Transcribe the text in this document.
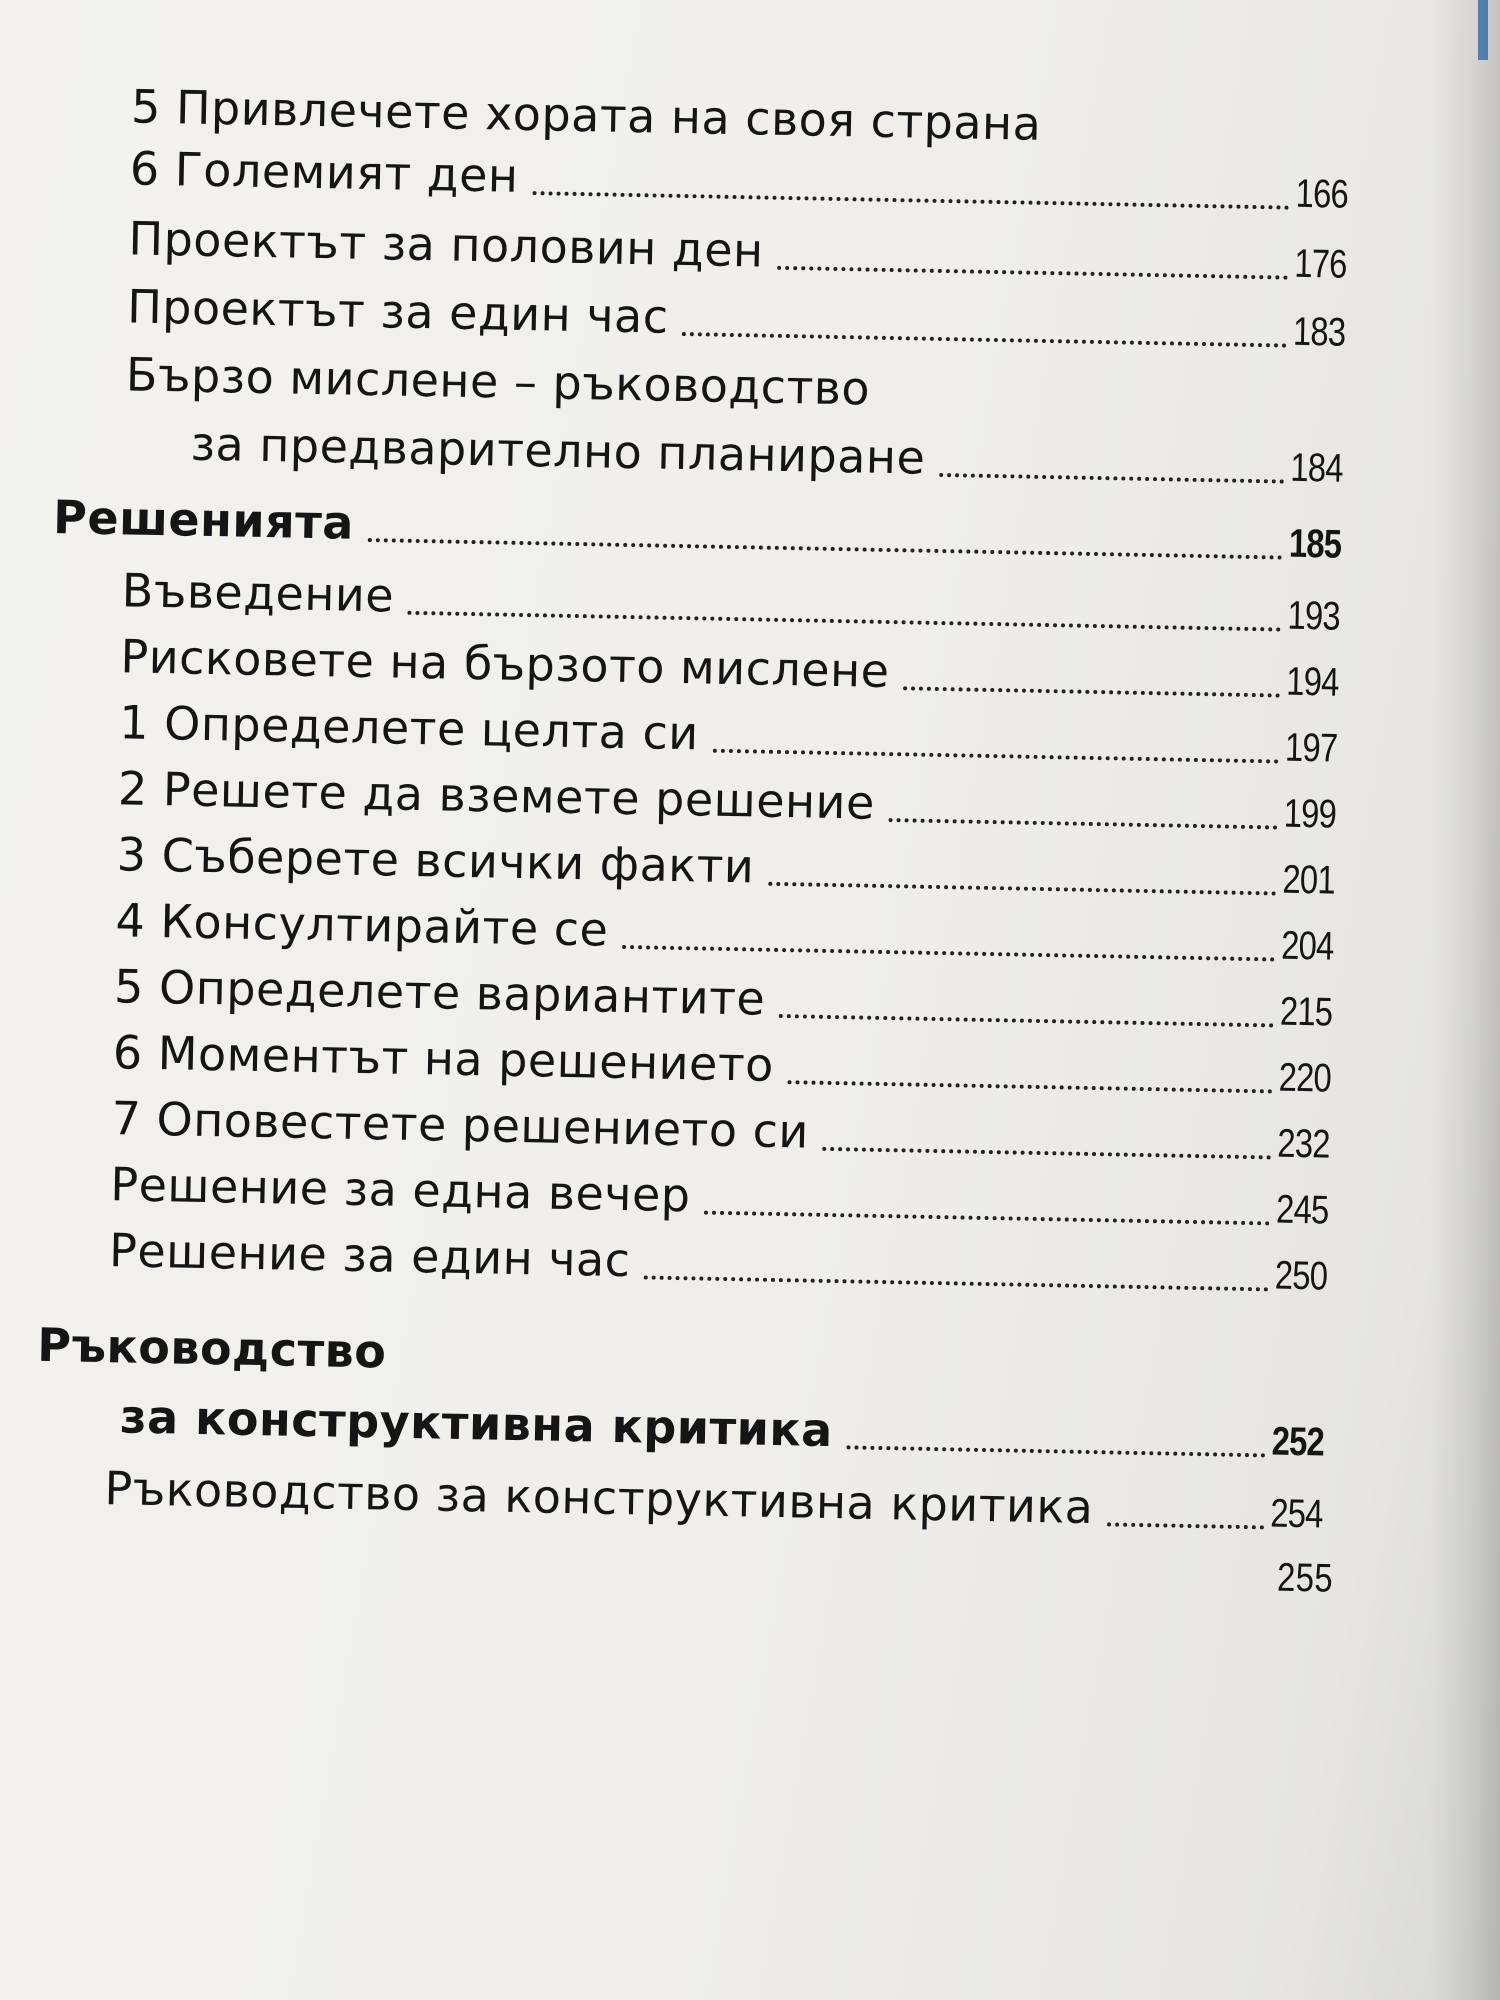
5 Привлечете хората на своя страна
6 Големият ден	166
Проектът за половин ден	176
Проектът за един час	183
Бързо мислене – ръководство
за предварително планиране	184
Решенията	185
Въведение	193
Рисковете на бързото мислене	194
1 Определете целта си	197
2 Решете да вземете решение	199
3 Съберете всички факти	201
4 Консултирайте се	204
5 Определете вариантите	215
6 Моментът на решението	220
7 Оповестете решението си	232
Решение за една вечер	245
Решение за един час	250
Ръководство
за конструктивна критика	252
Ръководство за конструктивна критика	254
255
